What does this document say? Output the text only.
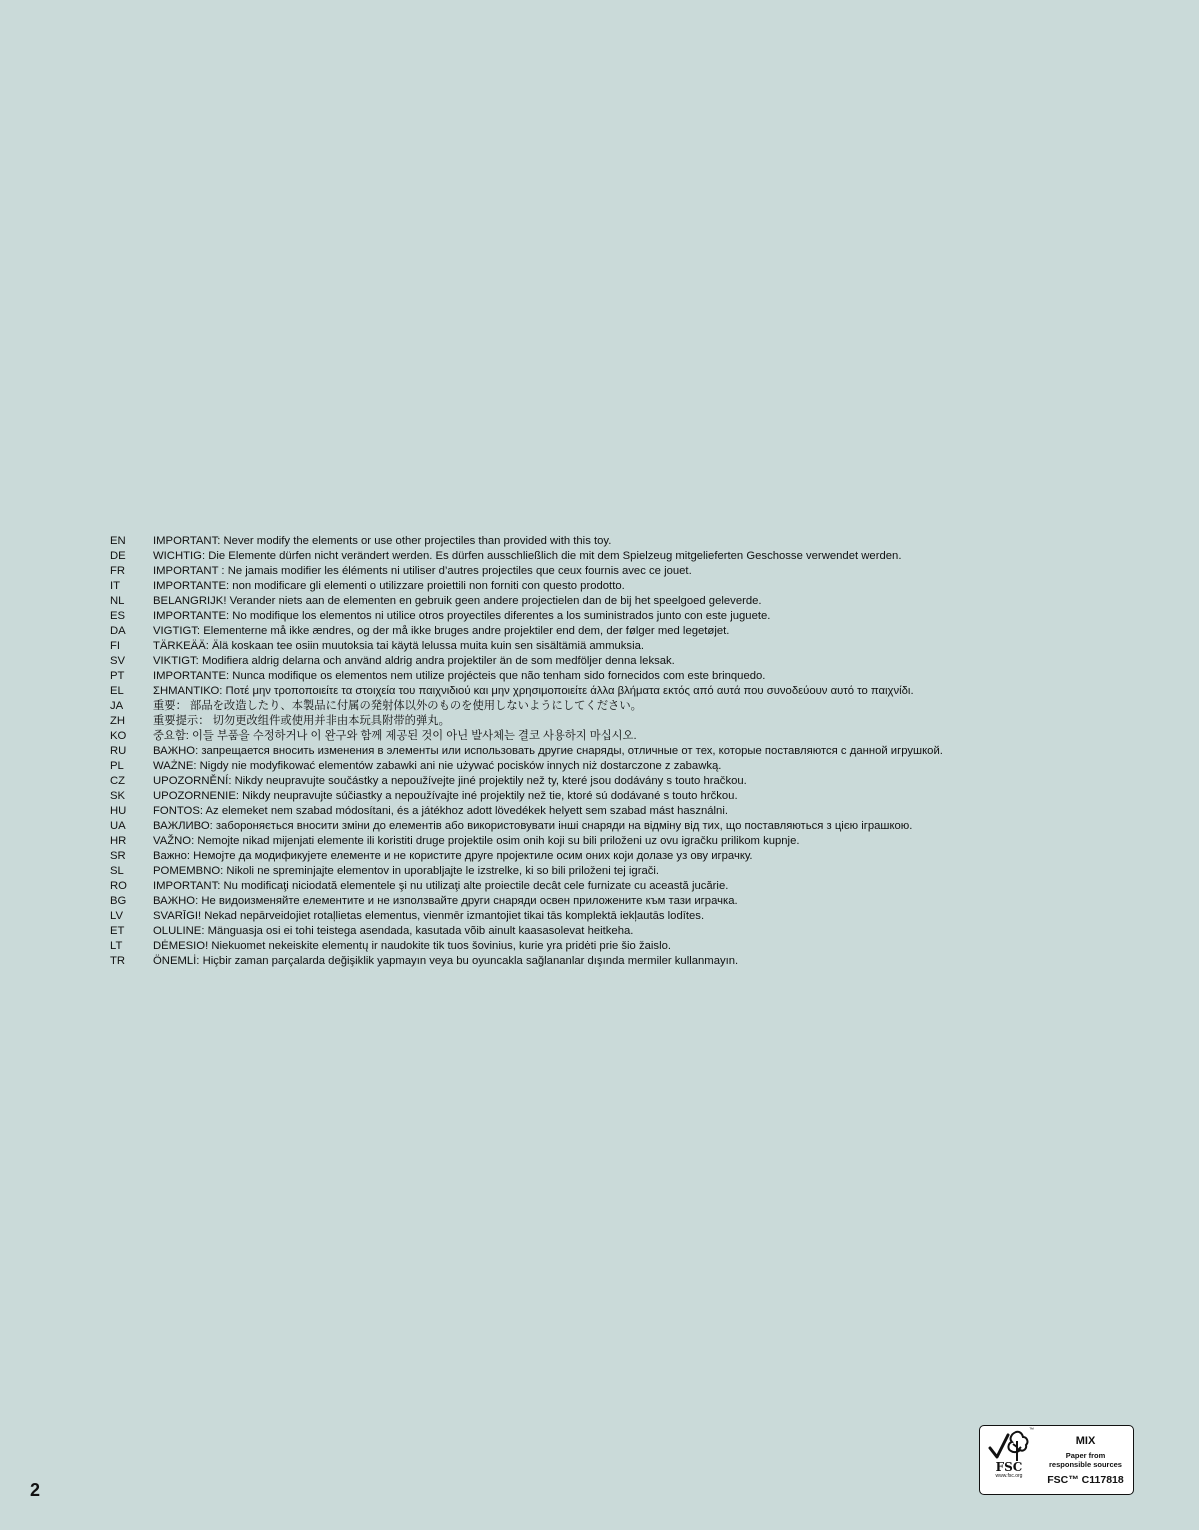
EN	IMPORTANT: Never modify the elements or use other projectiles than provided with this toy.
DE	WICHTIG: Die Elemente dürfen nicht verändert werden. Es dürfen ausschließlich die mit dem Spielzeug mitgelieferten Geschosse verwendet werden.
FR	IMPORTANT : Ne jamais modifier les éléments ni utiliser d’autres projectiles que ceux fournis avec ce jouet.
IT	IMPORTANTE: non modificare gli elementi o utilizzare proiettili non forniti con questo prodotto.
NL	BELANGRIJK! Verander niets aan de elementen en gebruik geen andere projectielen dan de bij het speelgoed geleverde.
ES	IMPORTANTE: No modifique los elementos ni utilice otros proyectiles diferentes a los suministrados junto con este juguete.
DA	VIGTIGT: Elementerne må ikke ændres, og der må ikke bruges andre projektiler end dem, der følger med legetøjet.
FI	TÄRKEÄÄ: Älä koskaan tee osiin muutoksia tai käytä lelussa muita kuin sen sisältämiä ammuksia.
SV	VIKTIGT: Modifiera aldrig delarna och använd aldrig andra projektiler än de som medföljer denna leksak.
PT	IMPORTANTE: Nunca modifique os elementos nem utilize projécteis que não tenham sido fornecidos com este brinquedo.
EL	ΣΗΜΑΝΤΙΚΟ: Ποτέ μην τροποποιείτε τα στοιχεία του παιχνιδιού και μην χρησιμοποιείτε άλλα βλήματα εκτός από αυτά που συνοδεύουν αυτό το παιχνίδι.
JA	重要： 部品を改造したり、本製品に付属の発射体以外のものを使用しないようにしてください。
ZH	重要提示： 切勿更改组件或使用并非由本玩具附带的弹丸。
KO	중요함: 이들 부품을 수정하거나 이 완구와 함께 제공된 것이 아닌 발사체는 결코 사용하지 마십시오.
RU	ВАЖНО: запрещается вносить изменения в элементы или использовать другие снаряды, отличные от тех, которые поставляются с данной игрушкой.
PL	WAŻNE: Nigdy nie modyfikować elementów zabawki ani nie używać pocisków innych niż dostarczone z zabawką.
CZ	UPOZORNĚNÍ: Nikdy neupravujte součástky a nepoužívejte jiné projektily než ty, které jsou dodávány s touto hračkou.
SK	UPOZORNENIE: Nikdy neupravujte súčiastky a nepoužívajte iné projektily než tie, ktoré sú dodávané s touto hrčkou.
HU	FONTOS: Az elemeket nem szabad módosítani, és a játékhoz adott lövedékek helyett sem szabad mást használni.
UA	ВАЖЛИВО: забороняється вносити зміни до елементів або використовувати інші снаряди на відміну від тих, що поставляються з цією іграшкою.
HR	VAŽNO: Nemojte nikad mijenjati elemente ili koristiti druge projektile osim onih koji su bili priloženi uz ovu igračku prilikom kupnje.
SR	Важно: Немојте да модификујете елементе и не користите друге пројектиле осим оних који долазе уз ову играчку.
SL	POMEMBNO: Nikoli ne spreminjajte elementov in uporabljajte le izstrelke, ki so bili priloženi tej igrači.
RO	IMPORTANT: Nu modificaţi niciodată elementele şi nu utilizaţi alte proiectile decât cele furnizate cu această jucărie.
BG	ВАЖНО: Не видоизменяйте елементите и не използвайте други снаряди освен приложените към тази играчка.
LV	SVARĪGI! Nekad nepārveidojiet rotaļlietas elementus, vienmēr izmantojiet tikai tās komplektā iekļautās lodītes.
ET	OLULINE: Mänguasja osi ei tohi teistega asendada, kasutada võib ainult kaasasolevat heitkeha.
LT	DĖMESIO! Niekuomet nekeiskite elementų ir naudokite tik tuos šovinius, kurie yra pridėti prie šio žaislo.
TR	ÖNEMLİ: Hiçbir zaman parçalarda değişiklik yapmayın veya bu oyuncakla sağlananlar dışında mermiler kullanmayın.
2
™
FSC
www.fsc.org
MIX
Paper from
responsible sources
FSC™ C117818
